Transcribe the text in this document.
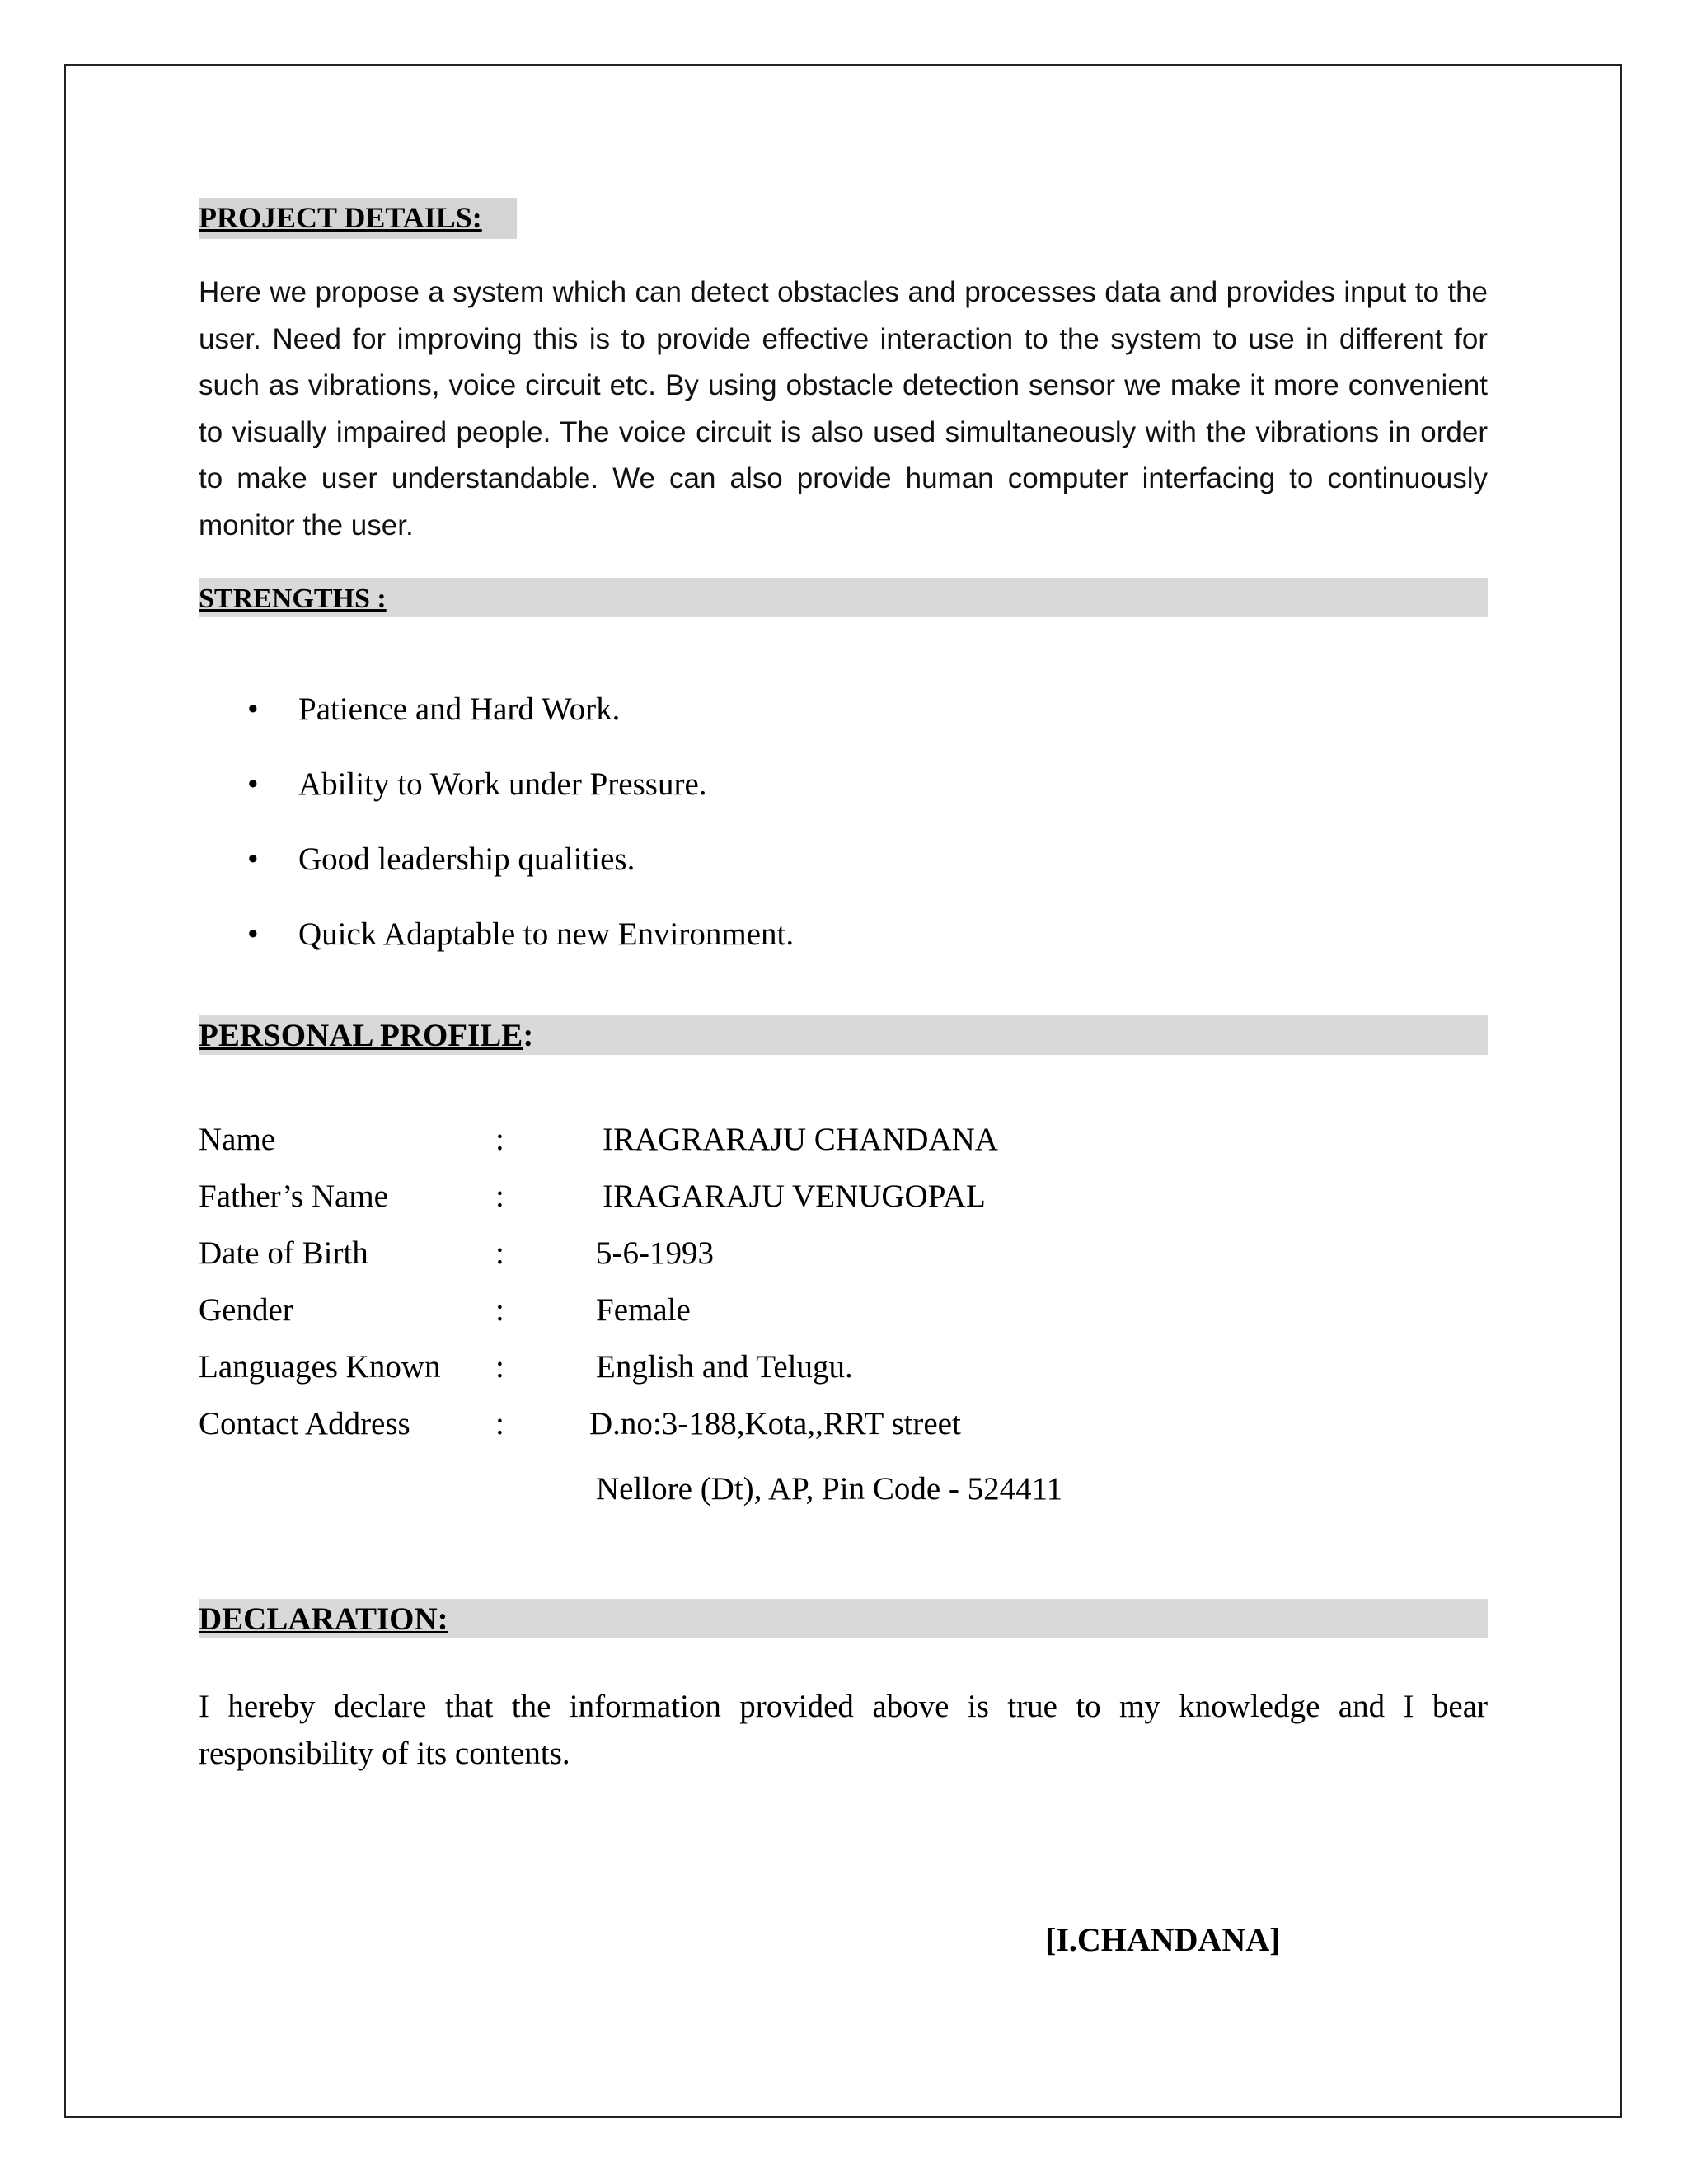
PROJECT DETAILS:
Here we propose a system which can detect obstacles and processes data and provides input to the user. Need for improving this is to provide effective interaction to the system to use in different for such as vibrations, voice circuit etc. By using obstacle detection sensor we make it more convenient to visually impaired people. The voice circuit is also used simultaneously with the vibrations in order to make user understandable. We can also provide human computer interfacing to continuously monitor the user.
STRENGTHS :
• Patience and Hard Work.
• Ability to Work under Pressure.
• Good leadership qualities.
• Quick Adaptable to new Environment.
PERSONAL PROFILE:
Name	:	IRAGRARAJU CHANDANA
Father’s Name	:	IRAGARAJU VENUGOPAL
Date of Birth	:	5-6-1993
Gender	:	Female
Languages Known :	English and Telugu.
Contact Address	:	D.no:3-188,Kota,,RRT street
Nellore (Dt), AP, Pin Code - 524411
DECLARATION:
I hereby declare that the information provided above is true to my knowledge and I bear responsibility of its contents.
[I.CHANDANA]
